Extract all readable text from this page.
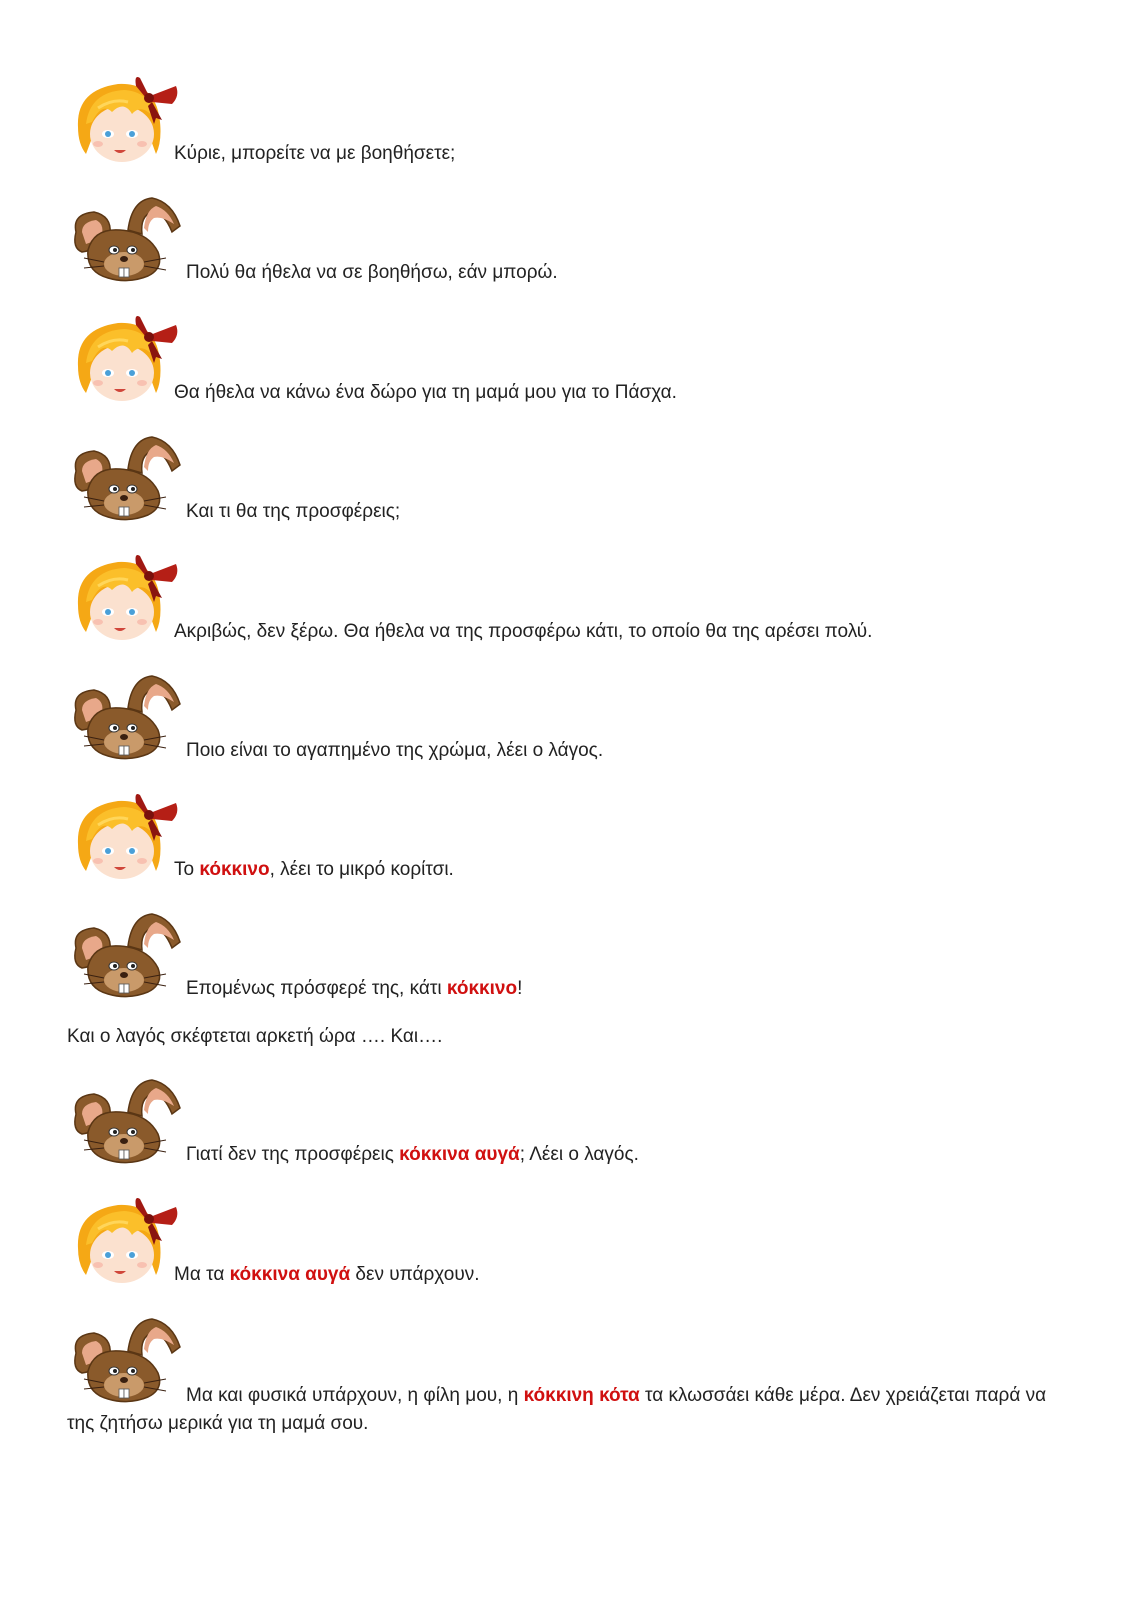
Κύριε, μπορείτε να με βοηθήσετε;

Πολύ θα ήθελα να σε βοηθήσω, εάν μπορώ.

Θα ήθελα να κάνω ένα δώρο για τη μαμά μου για το Πάσχα.

Και τι θα της προσφέρεις;

Ακριβώς, δεν ξέρω. Θα ήθελα να της προσφέρω κάτι, το οποίο θα της αρέσει πολύ.

Ποιο είναι το αγαπημένο της χρώμα, λέει ο λάγος.

Το κόκκινο, λέει το μικρό κορίτσι.

Επομένως πρόσφερέ της, κάτι κόκκινο!

Και ο λαγός σκέφτεται αρκετή ώρα …. Και….

Γιατί δεν της προσφέρεις κόκκινα αυγά; Λέει ο λαγός.

Μα τα κόκκινα αυγά δεν υπάρχουν.

Μα και φυσικά υπάρχουν, η φίλη μου, η κόκκινη κότα τα κλωσσάει κάθε μέρα. Δεν χρειάζεται παρά να της ζητήσω μερικά για τη μαμά σου.
